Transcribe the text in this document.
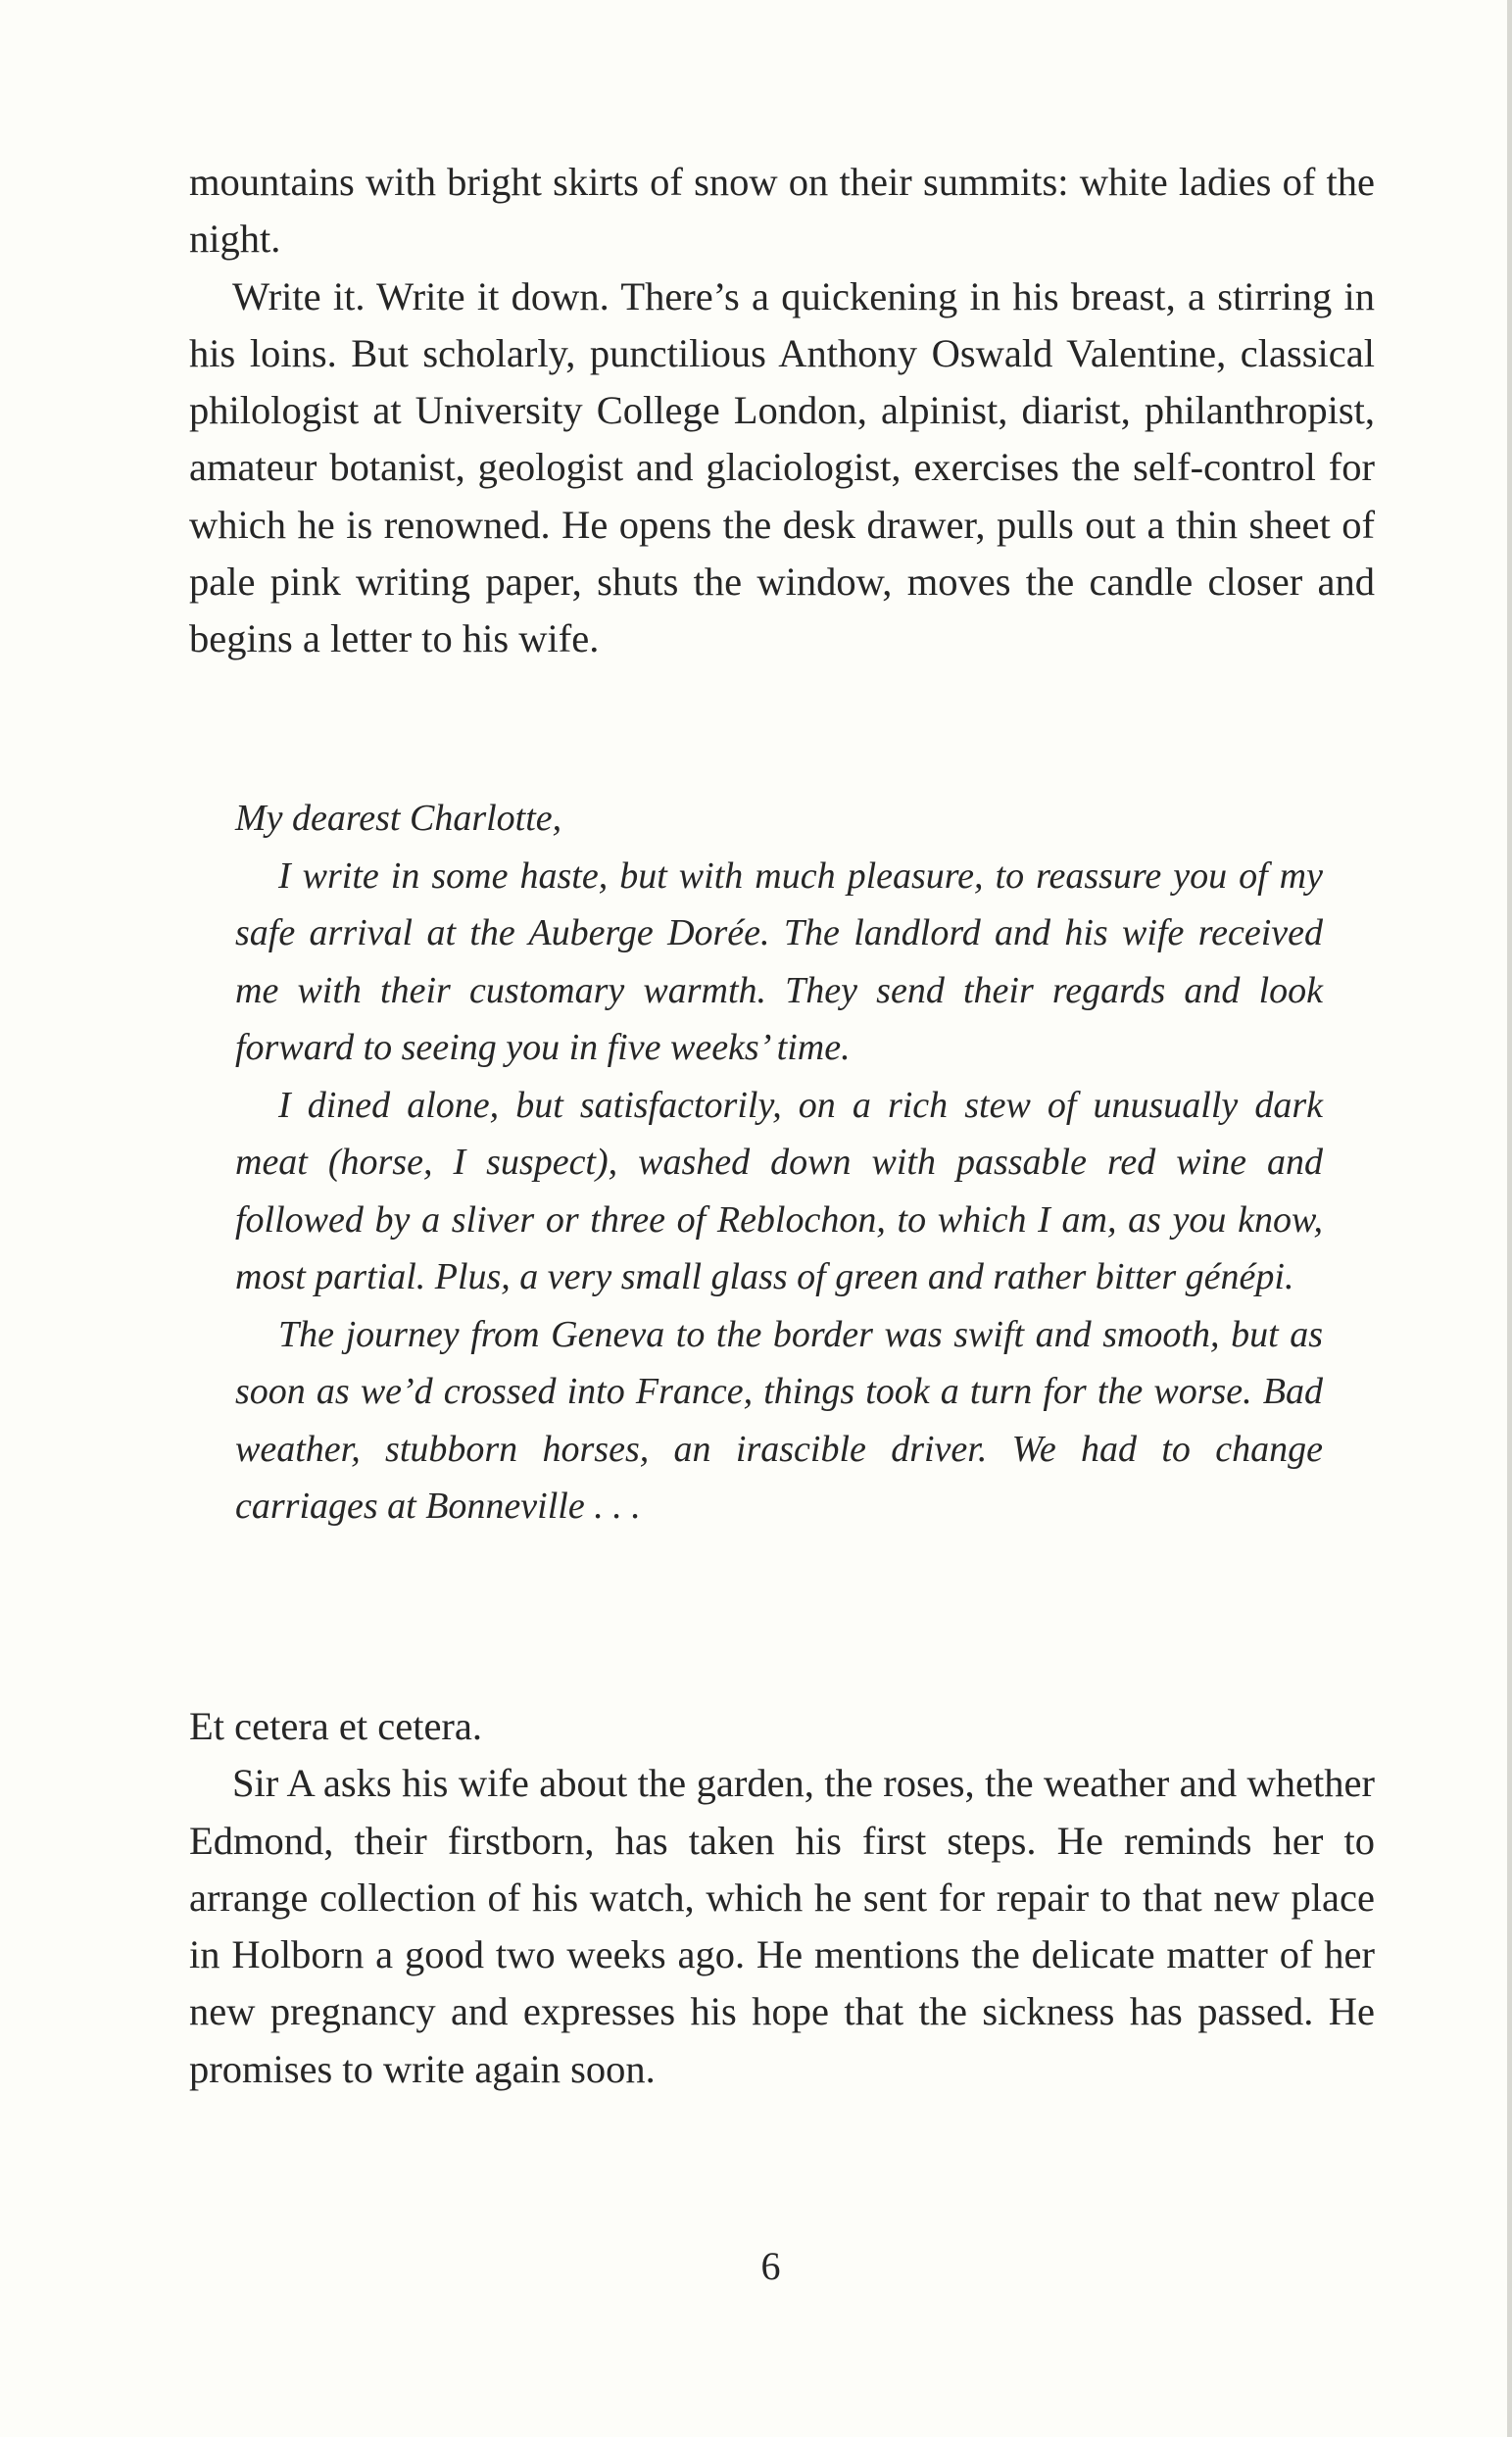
mountains with bright skirts of snow on their summits: white ladies of the night.

Write it. Write it down. There’s a quickening in his breast, a stirring in his loins. But scholarly, punctilious Anthony Oswald Valentine, classical philologist at University College London, alpinist, diarist, philanthropist, amateur botanist, geologist and glaciologist, exercises the self-control for which he is renowned. He opens the desk drawer, pulls out a thin sheet of pale pink writing paper, shuts the window, moves the candle closer and begins a letter to his wife.

My dearest Charlotte,

I write in some haste, but with much pleasure, to reassure you of my safe arrival at the Auberge Dorée. The landlord and his wife received me with their customary warmth. They send their regards and look forward to seeing you in five weeks’ time.

I dined alone, but satisfactorily, on a rich stew of unusually dark meat (horse, I suspect), washed down with passable red wine and followed by a sliver or three of Reblochon, to which I am, as you know, most partial. Plus, a very small glass of green and rather bitter génépi.

The journey from Geneva to the border was swift and smooth, but as soon as we’d crossed into France, things took a turn for the worse. Bad weather, stubborn horses, an irascible driver. We had to change carriages at Bonneville . . .

Et cetera et cetera.

Sir A asks his wife about the garden, the roses, the weather and whether Edmond, their firstborn, has taken his first steps. He reminds her to arrange collection of his watch, which he sent for repair to that new place in Holborn a good two weeks ago. He mentions the delicate matter of her new pregnancy and expresses his hope that the sickness has passed. He promises to write again soon.

6
